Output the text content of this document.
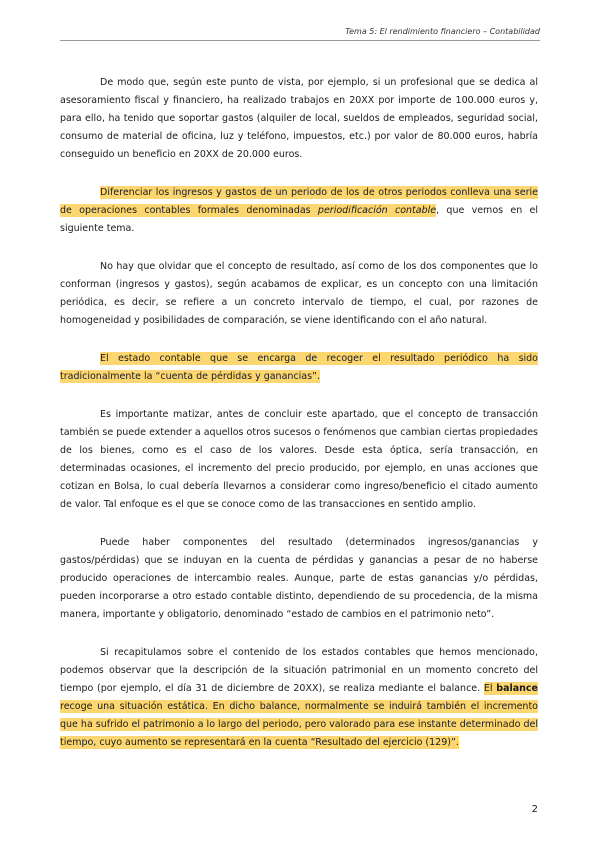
Tema 5: El rendimiento financiero – Contabilidad

De modo que, según este punto de vista, por ejemplo, si un profesional que se dedica al asesoramiento fiscal y financiero, ha realizado trabajos en 20XX por importe de 100.000 euros y, para ello, ha tenido que soportar gastos (alquiler de local, sueldos de empleados, seguridad social, consumo de material de oficina, luz y teléfono, impuestos, etc.) por valor de 80.000 euros, habría conseguido un beneficio en 20XX de 20.000 euros.

Diferenciar los ingresos y gastos de un periodo de los de otros periodos conlleva una serie de operaciones contables formales denominadas periodificación contable, que vemos en el siguiente tema.

No hay que olvidar que el concepto de resultado, así como de los dos componentes que lo conforman (ingresos y gastos), según acabamos de explicar, es un concepto con una limitación periódica, es decir, se refiere a un concreto intervalo de tiempo, el cual, por razones de homogeneidad y posibilidades de comparación, se viene identificando con el año natural.

El estado contable que se encarga de recoger el resultado periódico ha sido tradicionalmente la “cuenta de pérdidas y ganancias”.

Es importante matizar, antes de concluir este apartado, que el concepto de transacción también se puede extender a aquellos otros sucesos o fenómenos que cambian ciertas propiedades de los bienes, como es el caso de los valores. Desde esta óptica, sería transacción, en determinadas ocasiones, el incremento del precio producido, por ejemplo, en unas acciones que cotizan en Bolsa, lo cual debería llevarnos a considerar como ingreso/beneficio el citado aumento de valor. Tal enfoque es el que se conoce como de las transacciones en sentido amplio.

Puede haber componentes del resultado (determinados ingresos/ganancias y gastos/pérdidas) que se induyan en la cuenta de pérdidas y ganancias a pesar de no haberse producido operaciones de intercambio reales. Aunque, parte de estas ganancias y/o pérdidas, pueden incorporarse a otro estado contable distinto, dependiendo de su procedencia, de la misma manera, importante y obligatorio, denominado “estado de cambios en el patrimonio neto”.

Si recapitulamos sobre el contenido de los estados contables que hemos mencionado, podemos observar que la descripción de la situación patrimonial en un momento concreto del tiempo (por ejemplo, el día 31 de diciembre de 20XX), se realiza mediante el balance. El balance recoge una situación estática. En dicho balance, normalmente se induirá también el incremento que ha sufrido el patrimonio a lo largo del periodo, pero valorado para ese instante determinado del tiempo, cuyo aumento se representará en la cuenta “Resultado del ejercicio (129)”.

2
